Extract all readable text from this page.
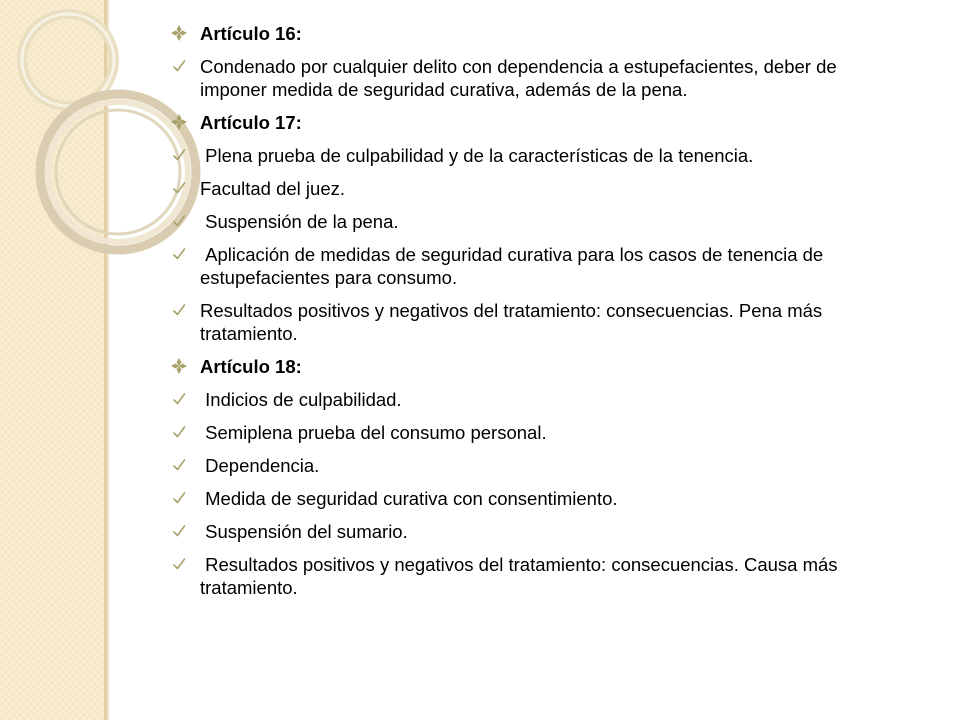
Artículo 16:
Condenado por cualquier delito con dependencia a estupefacientes, deber de imponer medida de seguridad curativa, además de la pena.
Artículo 17:
Plena prueba de culpabilidad y de la características de la tenencia.
Facultad del juez.
Suspensión de la pena.
Aplicación de medidas de seguridad curativa para los casos de tenencia de estupefacientes para consumo.
Resultados positivos y negativos del tratamiento: consecuencias. Pena más tratamiento.
Artículo 18:
Indicios de culpabilidad.
Semiplena prueba del consumo personal.
Dependencia.
Medida de seguridad curativa con consentimiento.
Suspensión del sumario.
Resultados positivos y negativos del tratamiento: consecuencias. Causa más tratamiento.
